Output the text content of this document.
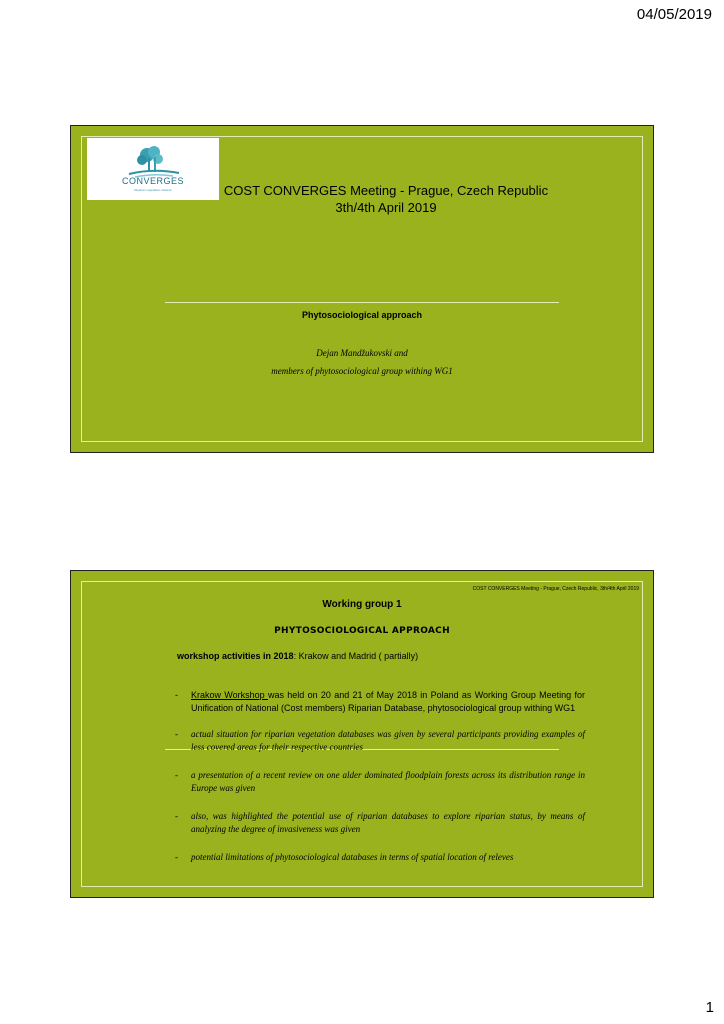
04/05/2019
CONVERGES
Riparian vegetation network	COST CONVERGES Meeting - Prague, Czech Republic
3th/4th April 2019
Phytosociological approach
Dejan Mandžukovski and
members of phytosociological group withing WG1
COST CONVERGES Meeting - Prague, Czech Republic, 3th/4th April 2019
Working group 1
PHYTOSOCIOLOGICAL APPROACH
workshop activities in 2018: Krakow and Madrid ( partially)
- Krakow Workshop was held on 20 and 21 of May 2018 in Poland as Working Group Meeting for Unification of National (Cost members) Riparian Database, phytosociological group withing WG1
- actual situation for riparian vegetation databases was given by several participants providing examples of less covered areas for their respective countries
- a presentation of a recent review on one alder dominated floodplain forests across its distribution range in Europe was given
- also, was highlighted the potential use of riparian databases to explore riparian status, by means of analyzing the degree of invasiveness was given
- potential limitations of phytosociological databases in terms of spatial location of releves
1
